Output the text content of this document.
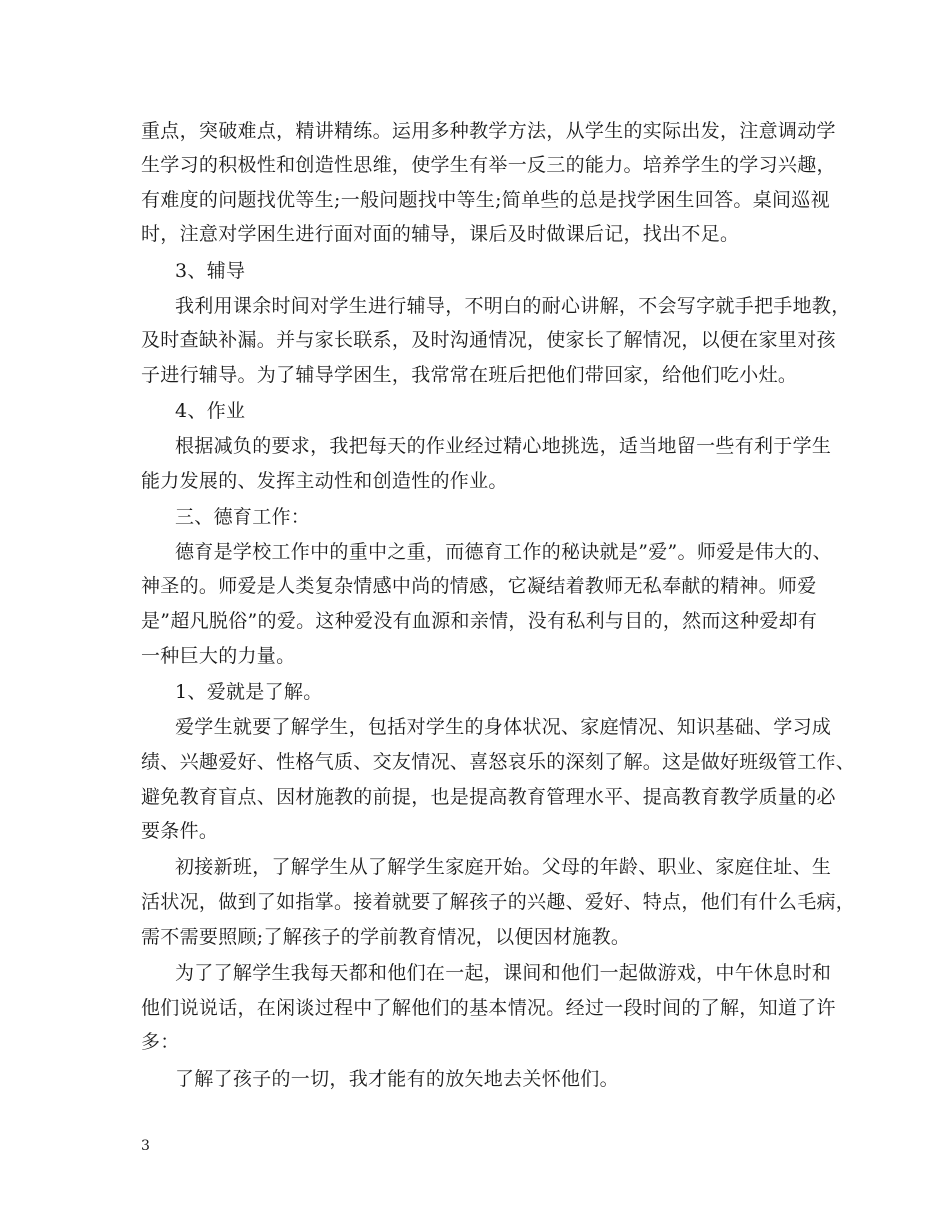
重点，突破难点，精讲精练。运用多种教学方法，从学生的实际出发，注意调动学
生学习的积极性和创造性思维，使学生有举一反三的能力。培养学生的学习兴趣，
有难度的问题找优等生;一般问题找中等生;简单些的总是找学困生回答。桌间巡视
时，注意对学困生进行面对面的辅导，课后及时做课后记，找出不足。
3、辅导
我利用课余时间对学生进行辅导，不明白的耐心讲解，不会写字就手把手地教，
及时查缺补漏。并与家长联系，及时沟通情况，使家长了解情况，以便在家里对孩
子进行辅导。为了辅导学困生，我常常在班后把他们带回家，给他们吃小灶。
4、作业
根据减负的要求，我把每天的作业经过精心地挑选，适当地留一些有利于学生
能力发展的、发挥主动性和创造性的作业。
三、德育工作：
德育是学校工作中的重中之重，而德育工作的秘诀就是”爱”。师爱是伟大的、
神圣的。师爱是人类复杂情感中尚的情感，它凝结着教师无私奉献的精神。师爱
是”超凡脱俗”的爱。这种爱没有血源和亲情，没有私利与目的，然而这种爱却有
一种巨大的力量。
1、爱就是了解。
爱学生就要了解学生，包括对学生的身体状况、家庭情况、知识基础、学习成
绩、兴趣爱好、性格气质、交友情况、喜怒哀乐的深刻了解。这是做好班级管工作、
避免教育盲点、因材施教的前提，也是提高教育管理水平、提高教育教学质量的必
要条件。
初接新班，了解学生从了解学生家庭开始。父母的年龄、职业、家庭住址、生
活状况，做到了如指掌。接着就要了解孩子的兴趣、爱好、特点，他们有什么毛病，
需不需要照顾;了解孩子的学前教育情况，以便因材施教。
为了了解学生我每天都和他们在一起，课间和他们一起做游戏，中午休息时和
他们说说话，在闲谈过程中了解他们的基本情况。经过一段时间的了解，知道了许
多：
了解了孩子的一切，我才能有的放矢地去关怀他们。
3
